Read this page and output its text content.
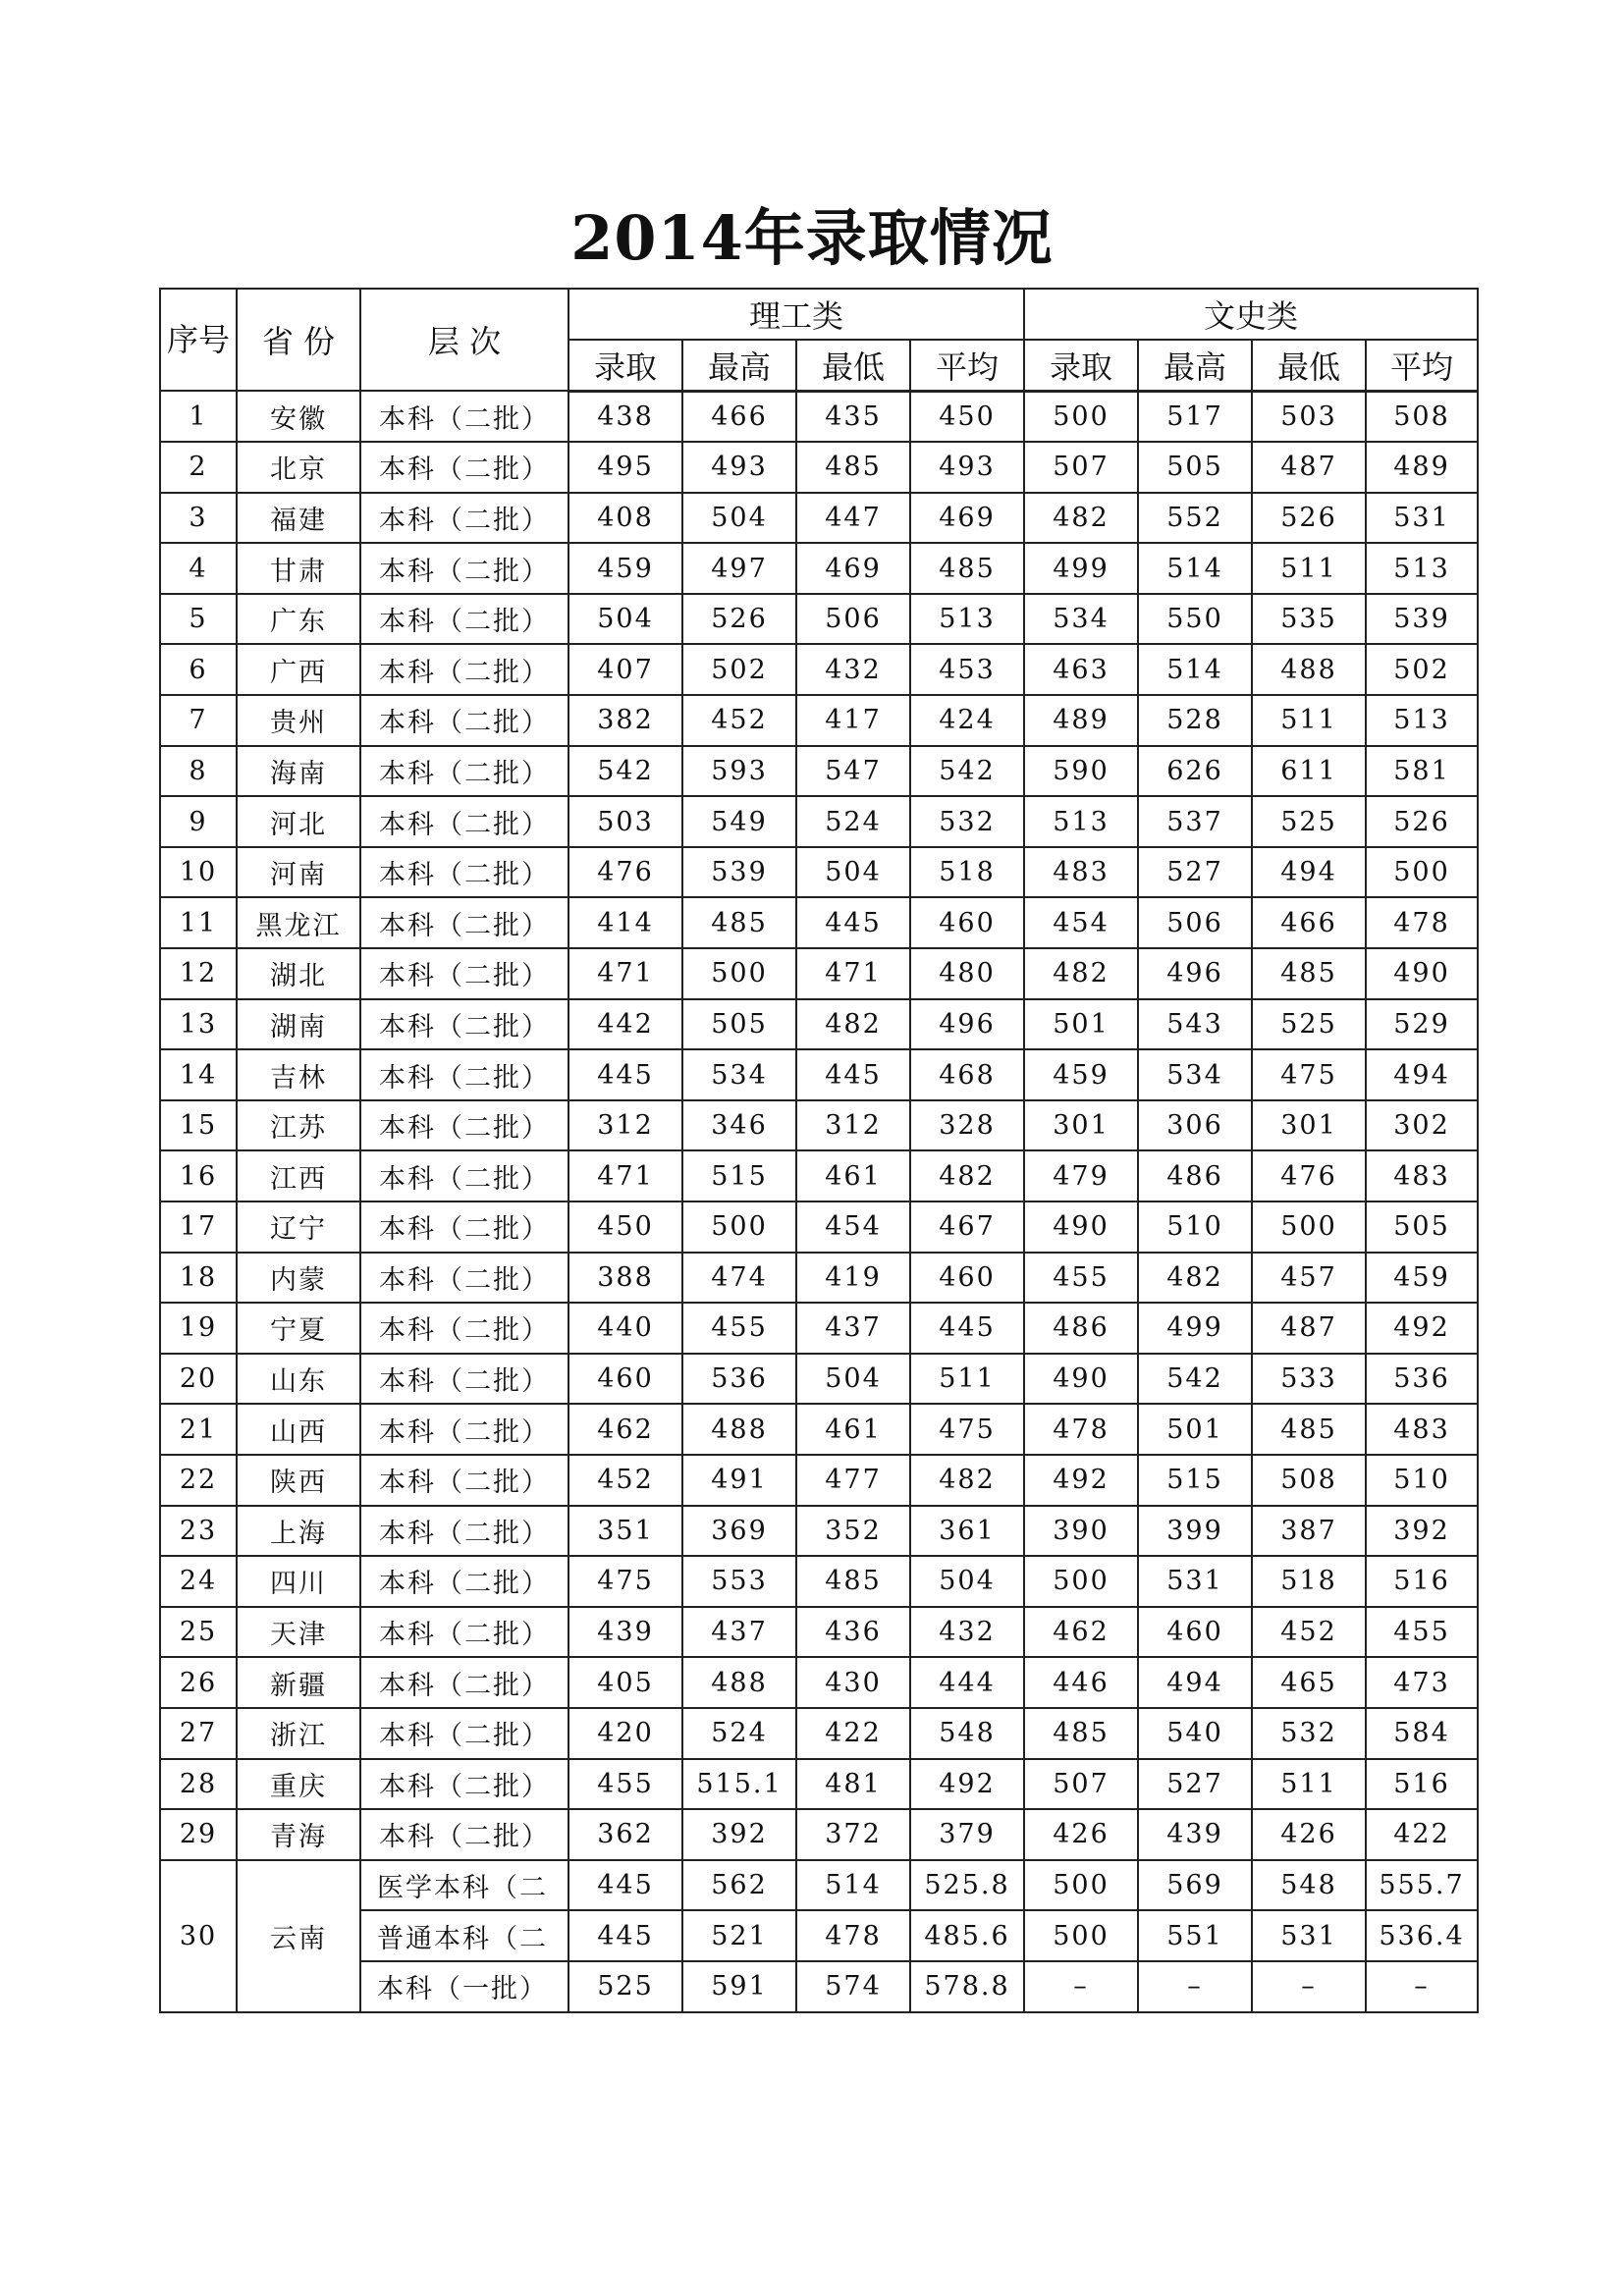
2014年录取情况
序号	省 份	层 次	理工类				文史类			
			录取	最高	最低	平均	录取	最高	最低	平均
1	安徽	本科（二批）	438	466	435	450	500	517	503	508
2	北京	本科（二批）	495	493	485	493	507	505	487	489
3	福建	本科（二批）	408	504	447	469	482	552	526	531
4	甘肃	本科（二批）	459	497	469	485	499	514	511	513
5	广东	本科（二批）	504	526	506	513	534	550	535	539
6	广西	本科（二批）	407	502	432	453	463	514	488	502
7	贵州	本科（二批）	382	452	417	424	489	528	511	513
8	海南	本科（二批）	542	593	547	542	590	626	611	581
9	河北	本科（二批）	503	549	524	532	513	537	525	526
10	河南	本科（二批）	476	539	504	518	483	527	494	500
11	黑龙江	本科（二批）	414	485	445	460	454	506	466	478
12	湖北	本科（二批）	471	500	471	480	482	496	485	490
13	湖南	本科（二批）	442	505	482	496	501	543	525	529
14	吉林	本科（二批）	445	534	445	468	459	534	475	494
15	江苏	本科（二批）	312	346	312	328	301	306	301	302
16	江西	本科（二批）	471	515	461	482	479	486	476	483
17	辽宁	本科（二批）	450	500	454	467	490	510	500	505
18	内蒙	本科（二批）	388	474	419	460	455	482	457	459
19	宁夏	本科（二批）	440	455	437	445	486	499	487	492
20	山东	本科（二批）	460	536	504	511	490	542	533	536
21	山西	本科（二批）	462	488	461	475	478	501	485	483
22	陕西	本科（二批）	452	491	477	482	492	515	508	510
23	上海	本科（二批）	351	369	352	361	390	399	387	392
24	四川	本科（二批）	475	553	485	504	500	531	518	516
25	天津	本科（二批）	439	437	436	432	462	460	452	455
26	新疆	本科（二批）	405	488	430	444	446	494	465	473
27	浙江	本科（二批）	420	524	422	548	485	540	532	584
28	重庆	本科（二批）	455	515.1	481	492	507	527	511	516
29	青海	本科（二批）	362	392	372	379	426	439	426	422
30	云南	医学本科（二	445	562	514	525.8	500	569	548	555.7
		普通本科（二	445	521	478	485.6	500	551	531	536.4
		本科（一批）	525	591	574	578.8	–	–	–	–
